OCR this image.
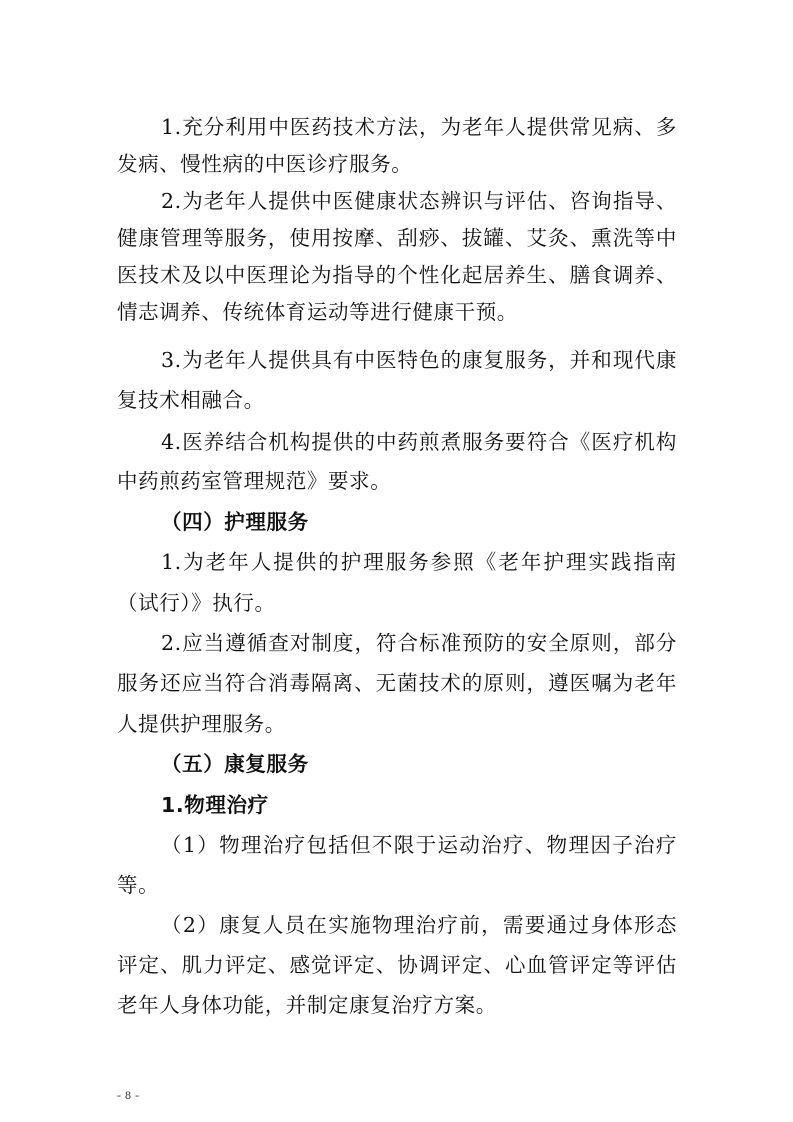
1.充分利用中医药技术方法，为老年人提供常见病、多
发病、慢性病的中医诊疗服务。
2.为老年人提供中医健康状态辨识与评估、咨询指导、
健康管理等服务，使用按摩、刮痧、拔罐、艾灸、熏洗等中
医技术及以中医理论为指导的个性化起居养生、膳食调养、
情志调养、传统体育运动等进行健康干预。
3.为老年人提供具有中医特色的康复服务，并和现代康
复技术相融合。
4.医养结合机构提供的中药煎煮服务要符合《医疗机构
中药煎药室管理规范》要求。
（四）护理服务
1.为老年人提供的护理服务参照《老年护理实践指南
（试行）》执行。
2.应当遵循查对制度，符合标准预防的安全原则，部分
服务还应当符合消毒隔离、无菌技术的原则，遵医嘱为老年
人提供护理服务。
（五）康复服务
1.物理治疗
（1）物理治疗包括但不限于运动治疗、物理因子治疗
等。
（2）康复人员在实施物理治疗前，需要通过身体形态
评定、肌力评定、感觉评定、协调评定、心血管评定等评估
老年人身体功能，并制定康复治疗方案。
- 8 -
